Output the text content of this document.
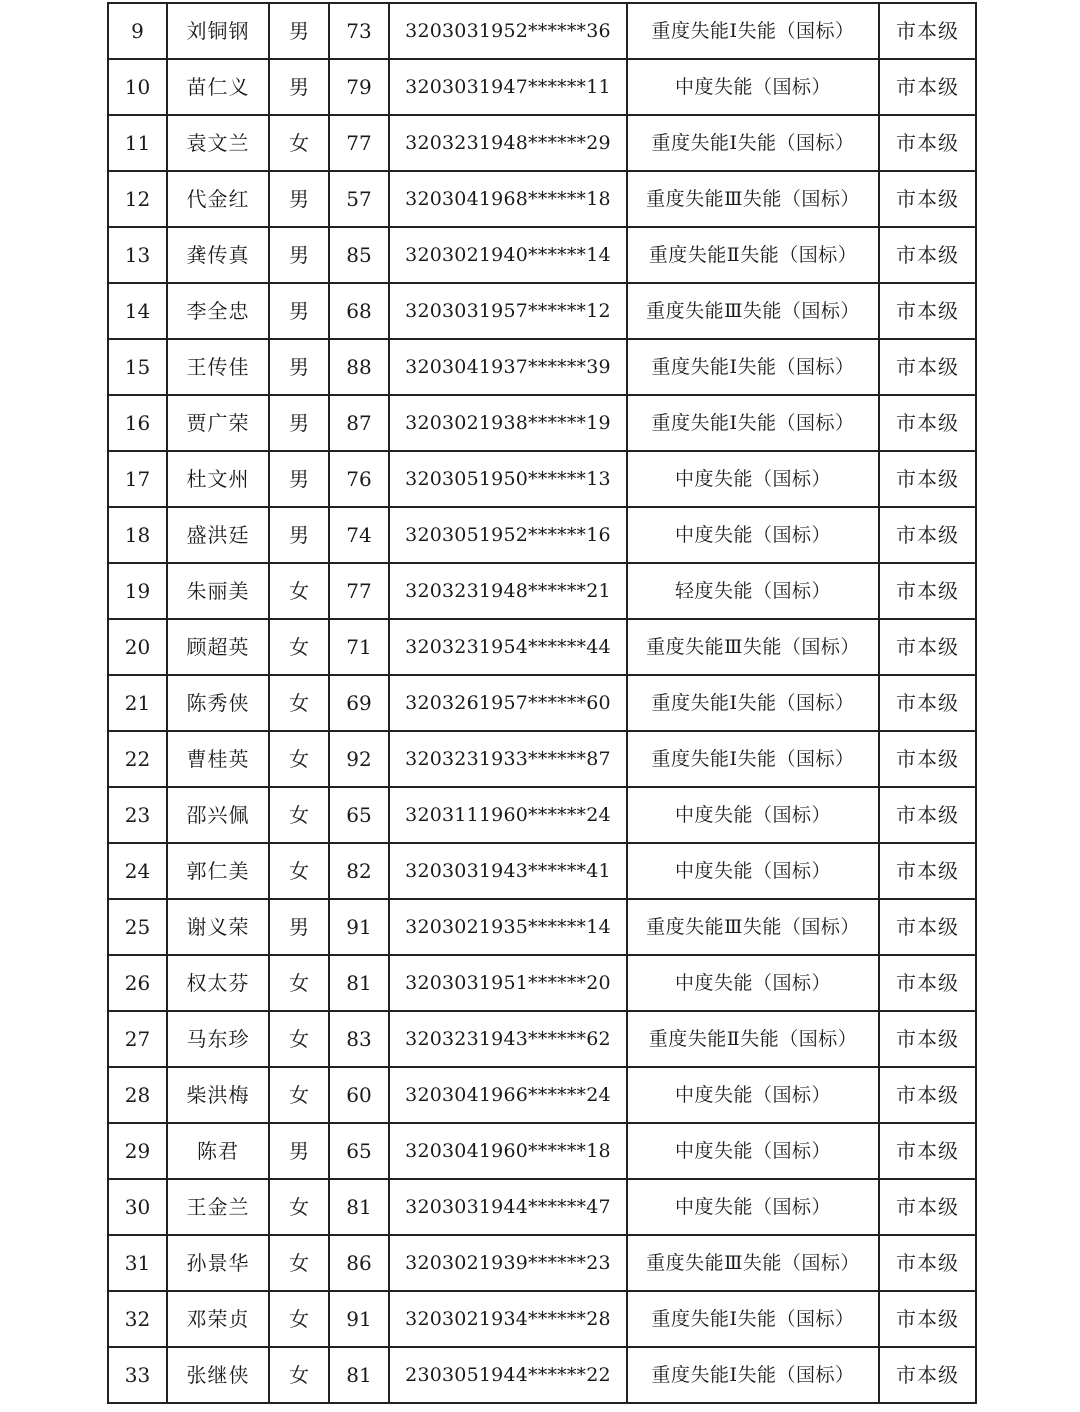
9	刘铜钢	男	73	3203031952******36	重度失能Ⅰ失能（国标）	市本级
10	苗仁义	男	79	3203031947******11	中度失能（国标）	市本级
11	袁文兰	女	77	3203231948******29	重度失能Ⅰ失能（国标）	市本级
12	代金红	男	57	3203041968******18	重度失能Ⅲ失能（国标）	市本级
13	龚传真	男	85	3203021940******14	重度失能Ⅱ失能（国标）	市本级
14	李全忠	男	68	3203031957******12	重度失能Ⅲ失能（国标）	市本级
15	王传佳	男	88	3203041937******39	重度失能Ⅰ失能（国标）	市本级
16	贾广荣	男	87	3203021938******19	重度失能Ⅰ失能（国标）	市本级
17	杜文州	男	76	3203051950******13	中度失能（国标）	市本级
18	盛洪廷	男	74	3203051952******16	中度失能（国标）	市本级
19	朱丽美	女	77	3203231948******21	轻度失能（国标）	市本级
20	顾超英	女	71	3203231954******44	重度失能Ⅲ失能（国标）	市本级
21	陈秀侠	女	69	3203261957******60	重度失能Ⅰ失能（国标）	市本级
22	曹桂英	女	92	3203231933******87	重度失能Ⅰ失能（国标）	市本级
23	邵兴佩	女	65	3203111960******24	中度失能（国标）	市本级
24	郭仁美	女	82	3203031943******41	中度失能（国标）	市本级
25	谢义荣	男	91	3203021935******14	重度失能Ⅲ失能（国标）	市本级
26	权太芬	女	81	3203031951******20	中度失能（国标）	市本级
27	马东珍	女	83	3203231943******62	重度失能Ⅱ失能（国标）	市本级
28	柴洪梅	女	60	3203041966******24	中度失能（国标）	市本级
29	陈君	男	65	3203041960******18	中度失能（国标）	市本级
30	王金兰	女	81	3203031944******47	中度失能（国标）	市本级
31	孙景华	女	86	3203021939******23	重度失能Ⅲ失能（国标）	市本级
32	邓荣贞	女	91	3203021934******28	重度失能Ⅰ失能（国标）	市本级
33	张继侠	女	81	2303051944******22	重度失能Ⅰ失能（国标）	市本级
